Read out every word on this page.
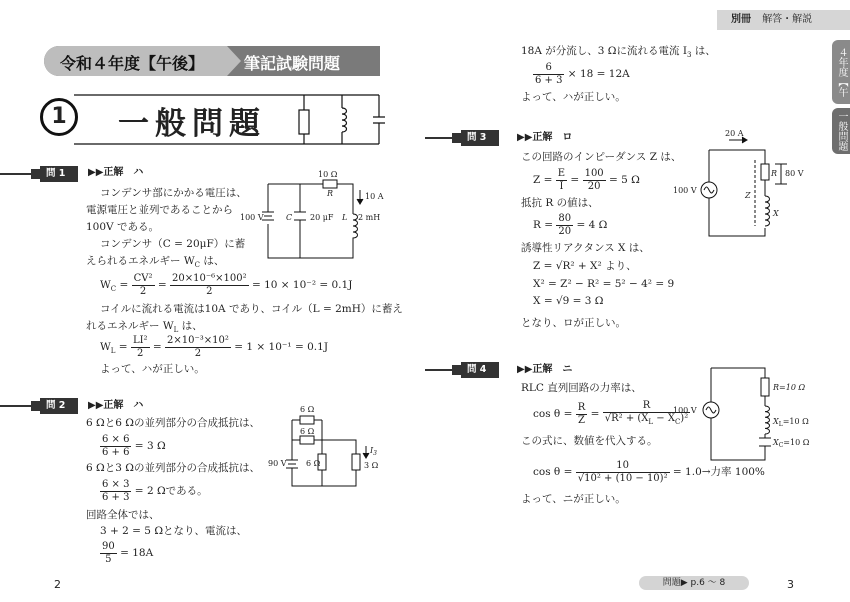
令和４年度【午後】 筆記試験問題
1	一般問題
問 1	▶▶正解　ハ
コンデンサ部にかかる電圧は、
電源電圧と並列であることから
100V である。
コンデンサ（C = 20μF）に蓄
えられるエネルギー $W_C$ は、
$W_C = \frac{\text{CV²}}{2} = \frac{\text{20×10⁻⁶×100²}}{2} = 10 \times 10^{-2} = 0.1J$
コイルに流れる電流は10A であり、コイル（L = 2mH）に蓄え
れるエネルギー $W_L$ は、
$W_L = \frac{\text{LI²}}{2} = \frac{\text{2×10⁻³×10²}}{2} = 1 \times 10^{-1} = 0.1J$
よって、ハが正しい。
10 Ω
R	10 A
100 V	C 20 μF L 2 mH
問 2	▶▶正解　ハ
6 Ωと6 Ωの並列部分の合成抵抗は、
$\frac{6 \times 6}{6 + 6} = 3$ Ω
6 Ωと3 Ωの並列部分の合成抵抗は、
$\frac{6 \times 3}{6 + 3} = 2$ Ωである。
回路全体では、
3 + 2 = 5 Ωとなり、電流は、
$\frac{90}{5} = 18A$
6 Ω
6 Ω
90 V 6 Ω	3 Ω
$I_3$
2
別冊 解答・解説
18A が分流し、3 Ωに流れる電流 $I_3$ は、
$\frac{6}{6 + 3} \times 18 = 12A$
よって、ハが正しい。
問 3	▶▶正解　ロ
この回路のインピーダンス Z は、
$Z = \frac{E}{I} = \frac{100}{20} = 5$ Ω
抵抗 R の値は、
$R = \frac{80}{20} = 4$ Ω
誘導性リアクタンス X は、
Z = √R² + X² より、
X² = Z² − R² = 5² − 4² = 9
X = √9 = 3 Ω
となり、ロが正しい。
20 A
100 V
R 80 V
Z
X
問 4	▶▶正解　ニ
RLC 直列回路の力率は、
$\cos \theta = \frac{R}{Z} = \frac{R}{√R^2 + (X_L - X_C)^2}$
この式に、数値を代入する。
$\cos \theta = \frac{10}{\text{√10² + (10 − 10)²}} = 1.0\to$力率 100%
よって、ニが正しい。
100 V
R=10 Ω
$X_L=10$ Ω
$X_C=10$ Ω
４年度【午後】
一般問題
問題▶ p.6 〜 8	3
